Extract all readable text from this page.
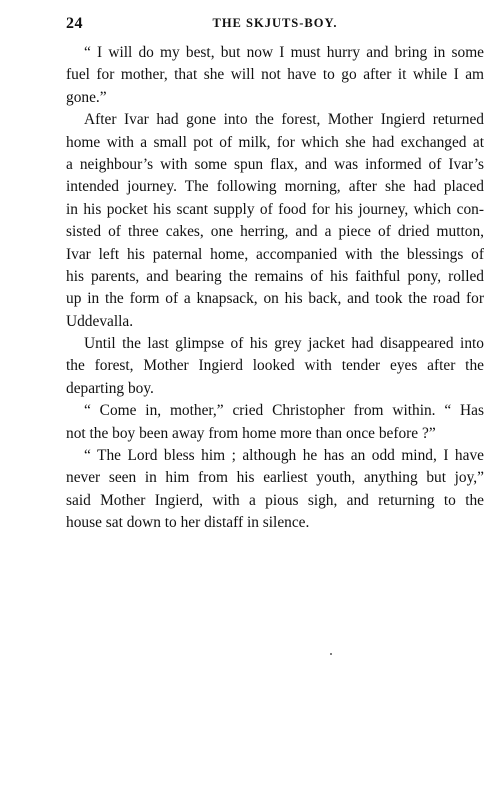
24	THE SKJUTS-BOY.
“ I will do my best, but now I must hurry and bring in some
fuel for mother, that she will not have to go after it while I am
gone.”
After Ivar had gone into the forest, Mother Ingierd returned
home with a small pot of milk, for which she had exchanged at
a neighbour’s with some spun flax, and was informed of Ivar’s
intended journey. The following morning, after she had placed
in his pocket his scant supply of food for his journey, which con-
sisted of three cakes, one herring, and a piece of dried mutton,
Ivar left his paternal home, accompanied with the blessings of
his parents, and bearing the remains of his faithful pony, rolled
up in the form of a knapsack, on his back, and took the road for
Uddevalla.
Until the last glimpse of his grey jacket had disappeared into
the forest, Mother Ingierd looked with tender eyes after the
departing boy.
“ Come in, mother,” cried Christopher from within. “ Has
not the boy been away from home more than once before ?”
“ The Lord bless him ; although he has an odd mind, I have
never seen in him from his earliest youth, anything but joy,”
said Mother Ingierd, with a pious sigh, and returning to the
house sat down to her distaff in silence.
